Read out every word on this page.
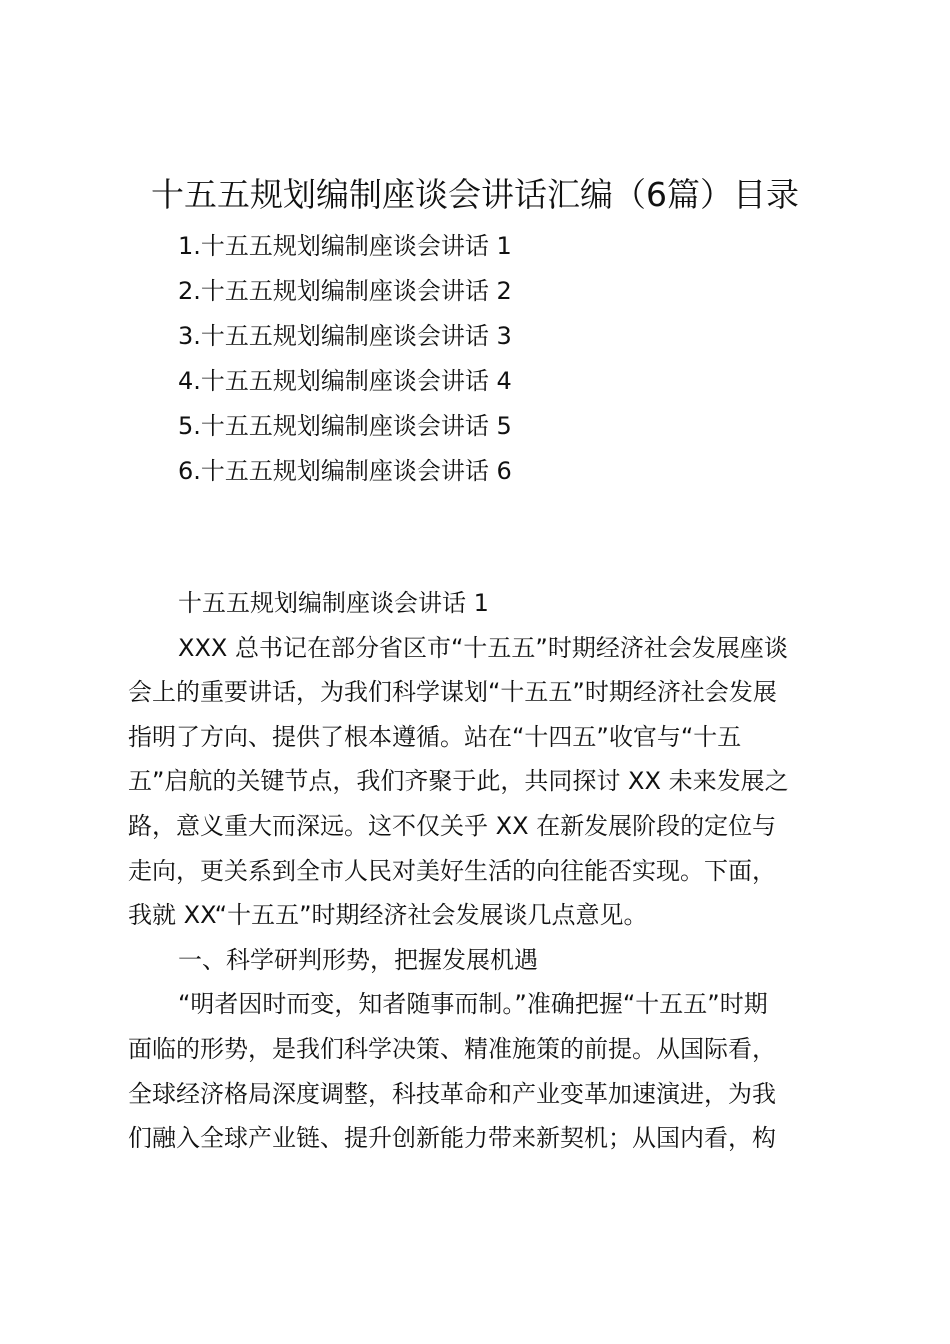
十五五规划编制座谈会讲话汇编（6篇）目录
1.十五五规划编制座谈会讲话 1
2.十五五规划编制座谈会讲话 2
3.十五五规划编制座谈会讲话 3
4.十五五规划编制座谈会讲话 4
5.十五五规划编制座谈会讲话 5
6.十五五规划编制座谈会讲话 6
十五五规划编制座谈会讲话 1
XXX 总书记在部分省区市“十五五”时期经济社会发展座谈
会上的重要讲话，为我们科学谋划“十五五”时期经济社会发展
指明了方向、提供了根本遵循。站在“十四五”收官与“十五
五”启航的关键节点，我们齐聚于此，共同探讨 XX 未来发展之
路，意义重大而深远。这不仅关乎 XX 在新发展阶段的定位与
走向，更关系到全市人民对美好生活的向往能否实现。下面，
我就 XX“十五五”时期经济社会发展谈几点意见。
一、科学研判形势，把握发展机遇
“明者因时而变，知者随事而制。”准确把握“十五五”时期
面临的形势，是我们科学决策、精准施策的前提。从国际看，
全球经济格局深度调整，科技革命和产业变革加速演进，为我
们融入全球产业链、提升创新能力带来新契机；从国内看，构
